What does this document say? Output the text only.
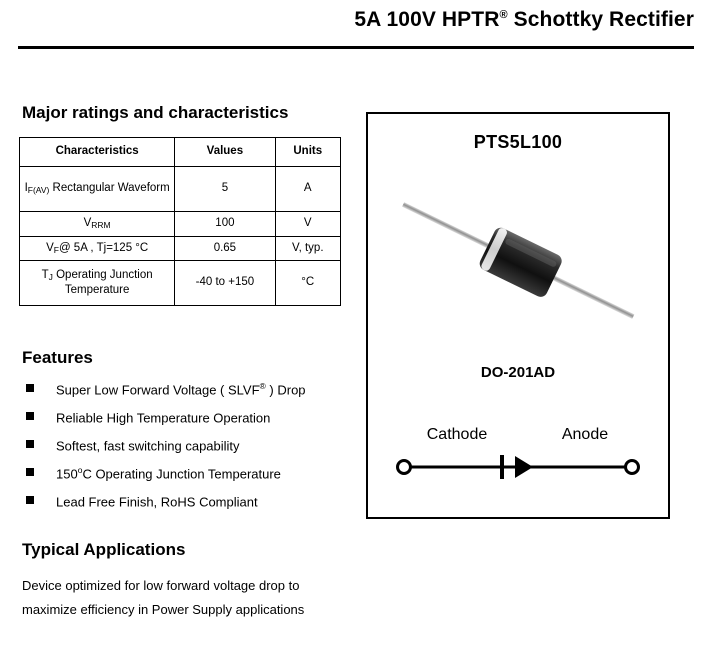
5A 100V HPTR® Schottky Rectifier
Major ratings and characteristics
Characteristics	Values	Units
$I_{F(AV)}$ Rectangular Waveform	5	A
$V_{RRM}$	100	V
$V_F@$ 5A , Tj=125 °C	0.65	V, typ.
$T_J$ Operating Junction Temperature	-40 to +150	°C
Features
Super Low Forward Voltage ( SLVF® ) Drop
Reliable High Temperature Operation
Softest, fast switching capability
150$^o$C Operating Junction Temperature
Lead Free Finish, RoHS Compliant
Typical Applications
Device optimized for low forward voltage drop to maximize efficiency in Power Supply applications
PTS5L100
DO-201AD
Cathode	Anode
